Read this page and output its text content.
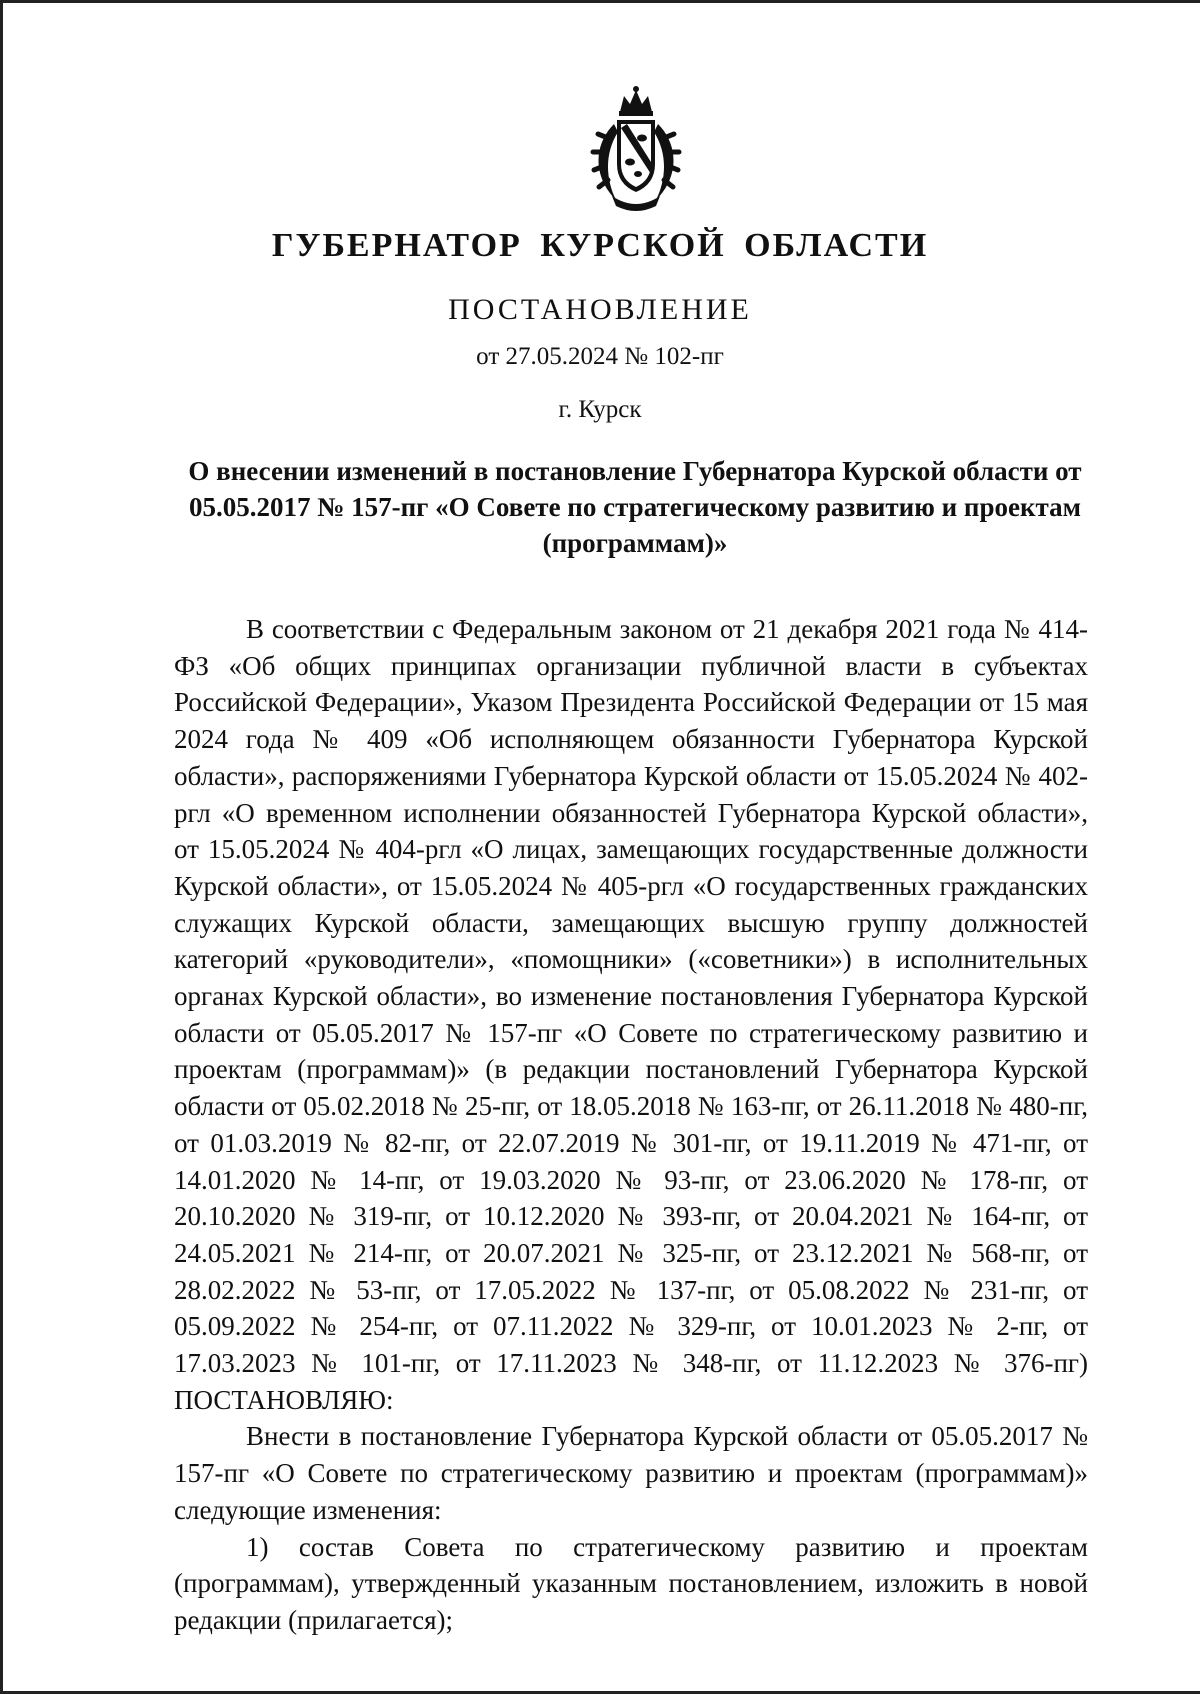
ГУБЕРНАТОР КУРСКОЙ ОБЛАСТИ

ПОСТАНОВЛЕНИЕ

от 27.05.2024 № 102-пг

г. Курск

О внесении изменений в постановление Губернатора Курской области от 05.05.2017 № 157-пг «О Совете по стратегическому развитию и проектам (программам)»

В соответствии с Федеральным законом от 21 декабря 2021 года № 414-ФЗ «Об общих принципах организации публичной власти в субъектах Российской Федерации», Указом Президента Российской Федерации от 15 мая 2024 года № 409 «Об исполняющем обязанности Губернатора Курской области», распоряжениями Губернатора Курской области от 15.05.2024 № 402-ргл «О временном исполнении обязанностей Губернатора Курской области», от 15.05.2024 № 404-ргл «О лицах, замещающих государственные должности Курской области», от 15.05.2024 № 405-ргл «О государственных гражданских служащих Курской области, замещающих высшую группу должностей категорий «руководители», «помощники» («советники») в исполнительных органах Курской области», во изменение постановления Губернатора Курской области от 05.05.2017 № 157-пг «О Совете по стратегическому развитию и проектам (программам)» (в редакции постановлений Губернатора Курской области от 05.02.2018 № 25-пг, от 18.05.2018 № 163-пг, от 26.11.2018 № 480-пг, от 01.03.2019 № 82-пг, от 22.07.2019 № 301-пг, от 19.11.2019 № 471-пг, от 14.01.2020 № 14-пг, от 19.03.2020 № 93-пг, от 23.06.2020 № 178-пг, от 20.10.2020 № 319-пг, от 10.12.2020 № 393-пг, от 20.04.2021 № 164-пг, от 24.05.2021 № 214-пг, от 20.07.2021 № 325-пг, от 23.12.2021 № 568-пг, от 28.02.2022 № 53-пг, от 17.05.2022 № 137-пг, от 05.08.2022 № 231-пг, от 05.09.2022 № 254-пг, от 07.11.2022 № 329-пг, от 10.01.2023 № 2-пг, от 17.03.2023 № 101-пг, от 17.11.2023 № 348-пг, от 11.12.2023 № 376-пг) ПОСТАНОВЛЯЮ:

Внести в постановление Губернатора Курской области от 05.05.2017 № 157-пг «О Совете по стратегическому развитию и проектам (программам)» следующие изменения:

1) состав Совета по стратегическому развитию и проектам (программам), утвержденный указанным постановлением, изложить в новой редакции (прилагается);
